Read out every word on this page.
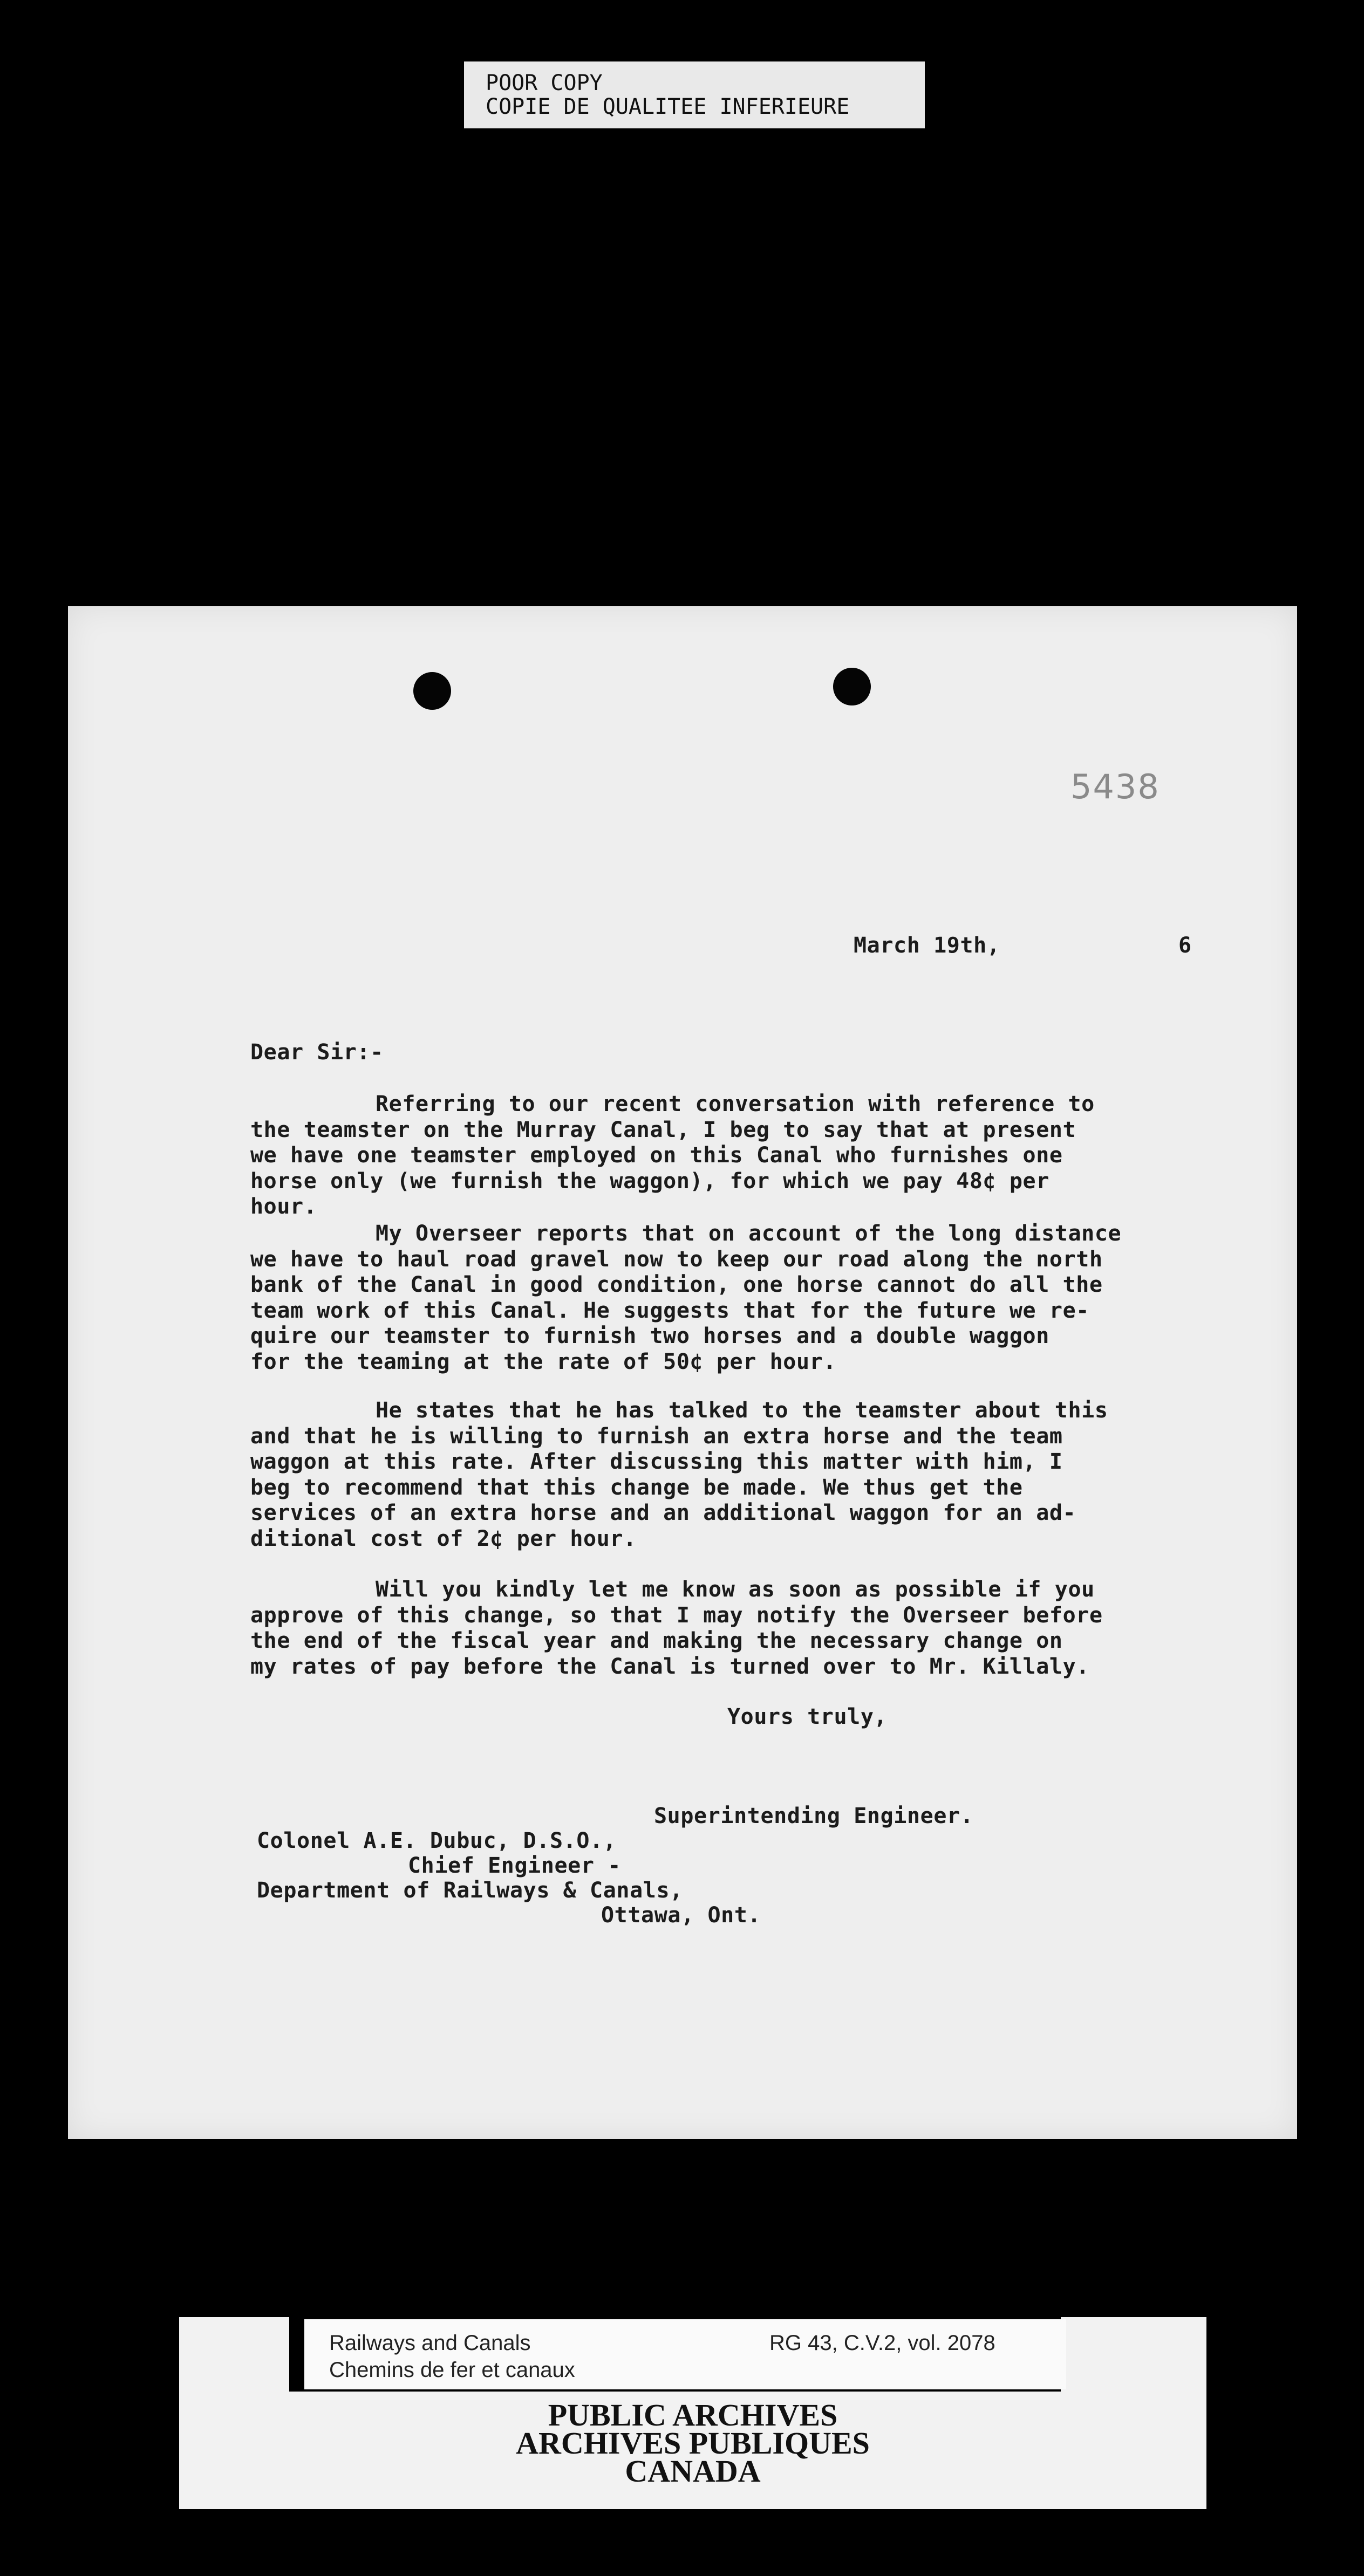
POOR COPY
COPIE DE QUALITEE INFERIEURE
5438
March 19th,	6
Dear Sir:-
Referring to our recent conversation with reference to
the teamster on the Murray Canal, I beg to say that at present
we have one teamster employed on this Canal who furnishes one
horse only (we furnish the waggon), for which we pay 48¢ per
hour.
My Overseer reports that on account of the long distance
we have to haul road gravel now to keep our road along the north
bank of the Canal in good condition, one horse cannot do all the
team work of this Canal. He suggests that for the future we re-
quire our teamster to furnish two horses and a double waggon
for the teaming at the rate of 50¢ per hour.
He states that he has talked to the teamster about this
and that he is willing to furnish an extra horse and the team
waggon at this rate. After discussing this matter with him, I
beg to recommend that this change be made. We thus get the
services of an extra horse and an additional waggon for an ad-
ditional cost of 2¢ per hour.
Will you kindly let me know as soon as possible if you
approve of this change, so that I may notify the Overseer before
the end of the fiscal year and making the necessary change on
my rates of pay before the Canal is turned over to Mr. Killaly.
Yours truly,
Superintending Engineer.
Colonel A.E. Dubuc, D.S.O.,
Chief Engineer -
Department of Railways & Canals,
Ottawa, Ont.
Railways and Canals
Chemins de fer et canaux
RG 43, C.V.2, vol. 2078
PUBLIC ARCHIVES
ARCHIVES PUBLIQUES
CANADA
